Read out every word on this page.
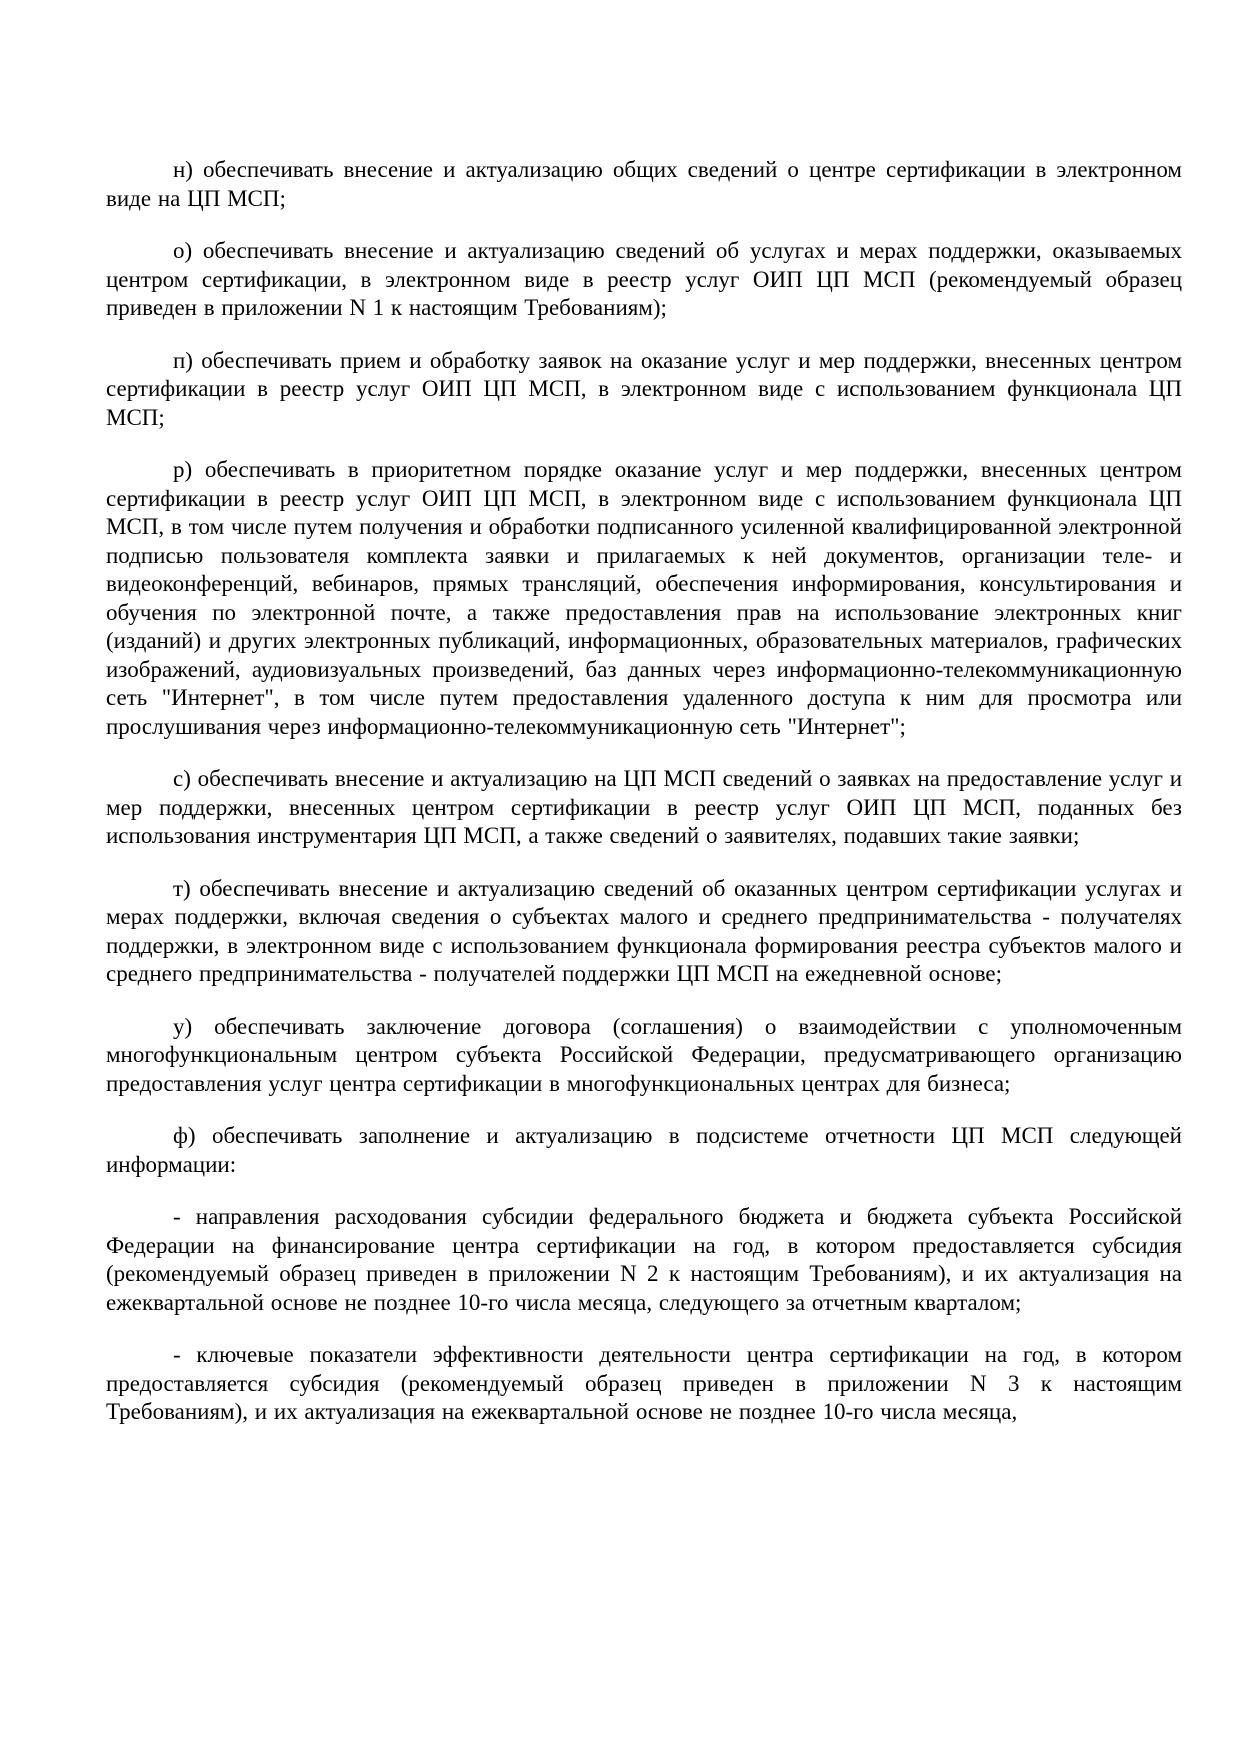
н) обеспечивать внесение и актуализацию общих сведений о центре сертификации в электронном виде на ЦП МСП;

о) обеспечивать внесение и актуализацию сведений об услугах и мерах поддержки, оказываемых центром сертификации, в электронном виде в реестр услуг ОИП ЦП МСП (рекомендуемый образец приведен в приложении N 1 к настоящим Требованиям);

п) обеспечивать прием и обработку заявок на оказание услуг и мер поддержки, внесенных центром сертификации в реестр услуг ОИП ЦП МСП, в электронном виде с использованием функционала ЦП МСП;

р) обеспечивать в приоритетном порядке оказание услуг и мер поддержки, внесенных центром сертификации в реестр услуг ОИП ЦП МСП, в электронном виде с использованием функционала ЦП МСП, в том числе путем получения и обработки подписанного усиленной квалифицированной электронной подписью пользователя комплекта заявки и прилагаемых к ней документов, организации теле- и видеоконференций, вебинаров, прямых трансляций, обеспечения информирования, консультирования и обучения по электронной почте, а также предоставления прав на использование электронных книг (изданий) и других электронных публикаций, информационных, образовательных материалов, графических изображений, аудиовизуальных произведений, баз данных через информационно-телекоммуникационную сеть "Интернет", в том числе путем предоставления удаленного доступа к ним для просмотра или прослушивания через информационно-телекоммуникационную сеть "Интернет";

с) обеспечивать внесение и актуализацию на ЦП МСП сведений о заявках на предоставление услуг и мер поддержки, внесенных центром сертификации в реестр услуг ОИП ЦП МСП, поданных без использования инструментария ЦП МСП, а также сведений о заявителях, подавших такие заявки;

т) обеспечивать внесение и актуализацию сведений об оказанных центром сертификации услугах и мерах поддержки, включая сведения о субъектах малого и среднего предпринимательства - получателях поддержки, в электронном виде с использованием функционала формирования реестра субъектов малого и среднего предпринимательства - получателей поддержки ЦП МСП на ежедневной основе;

у) обеспечивать заключение договора (соглашения) о взаимодействии с уполномоченным многофункциональным центром субъекта Российской Федерации, предусматривающего организацию предоставления услуг центра сертификации в многофункциональных центрах для бизнеса;

ф) обеспечивать заполнение и актуализацию в подсистеме отчетности ЦП МСП следующей информации:

- направления расходования субсидии федерального бюджета и бюджета субъекта Российской Федерации на финансирование центра сертификации на год, в котором предоставляется субсидия (рекомендуемый образец приведен в приложении N 2 к настоящим Требованиям), и их актуализация на ежеквартальной основе не позднее 10-го числа месяца, следующего за отчетным кварталом;

- ключевые показатели эффективности деятельности центра сертификации на год, в котором предоставляется субсидия (рекомендуемый образец приведен в приложении N 3 к настоящим Требованиям), и их актуализация на ежеквартальной основе не позднее 10-го числа месяца,
